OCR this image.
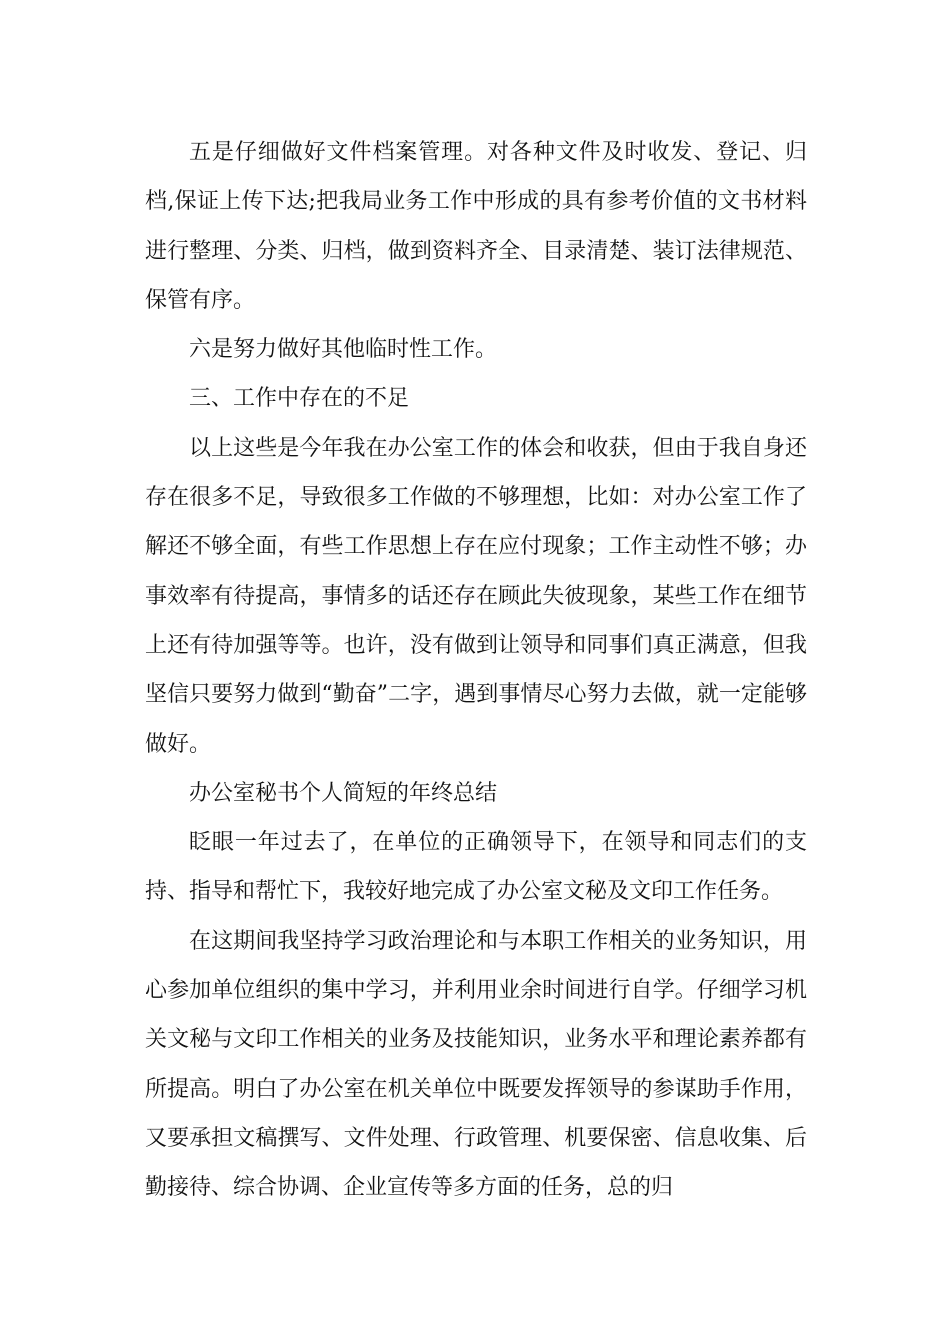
五是仔细做好文件档案管理。对各种文件及时收发、登记、归档,保证上传下达;把我局业务工作中形成的具有参考价值的文书材料进行整理、分类、归档，做到资料齐全、目录清楚、装订法律规范、保管有序。

六是努力做好其他临时性工作。

三、工作中存在的不足

以上这些是今年我在办公室工作的体会和收获，但由于我自身还存在很多不足，导致很多工作做的不够理想，比如：对办公室工作了解还不够全面，有些工作思想上存在应付现象；工作主动性不够；办事效率有待提高，事情多的话还存在顾此失彼现象，某些工作在细节上还有待加强等等。也许，没有做到让领导和同事们真正满意，但我坚信只要努力做到“勤奋”二字，遇到事情尽心努力去做，就一定能够做好。

办公室秘书个人简短的年终总结

眨眼一年过去了，在单位的正确领导下，在领导和同志们的支持、指导和帮忙下，我较好地完成了办公室文秘及文印工作任务。

在这期间我坚持学习政治理论和与本职工作相关的业务知识，用心参加单位组织的集中学习，并利用业余时间进行自学。仔细学习机关文秘与文印工作相关的业务及技能知识，业务水平和理论素养都有所提高。明白了办公室在机关单位中既要发挥领导的参谋助手作用，又要承担文稿撰写、文件处理、行政管理、机要保密、信息收集、后勤接待、综合协调、企业宣传等多方面的任务，总的归
